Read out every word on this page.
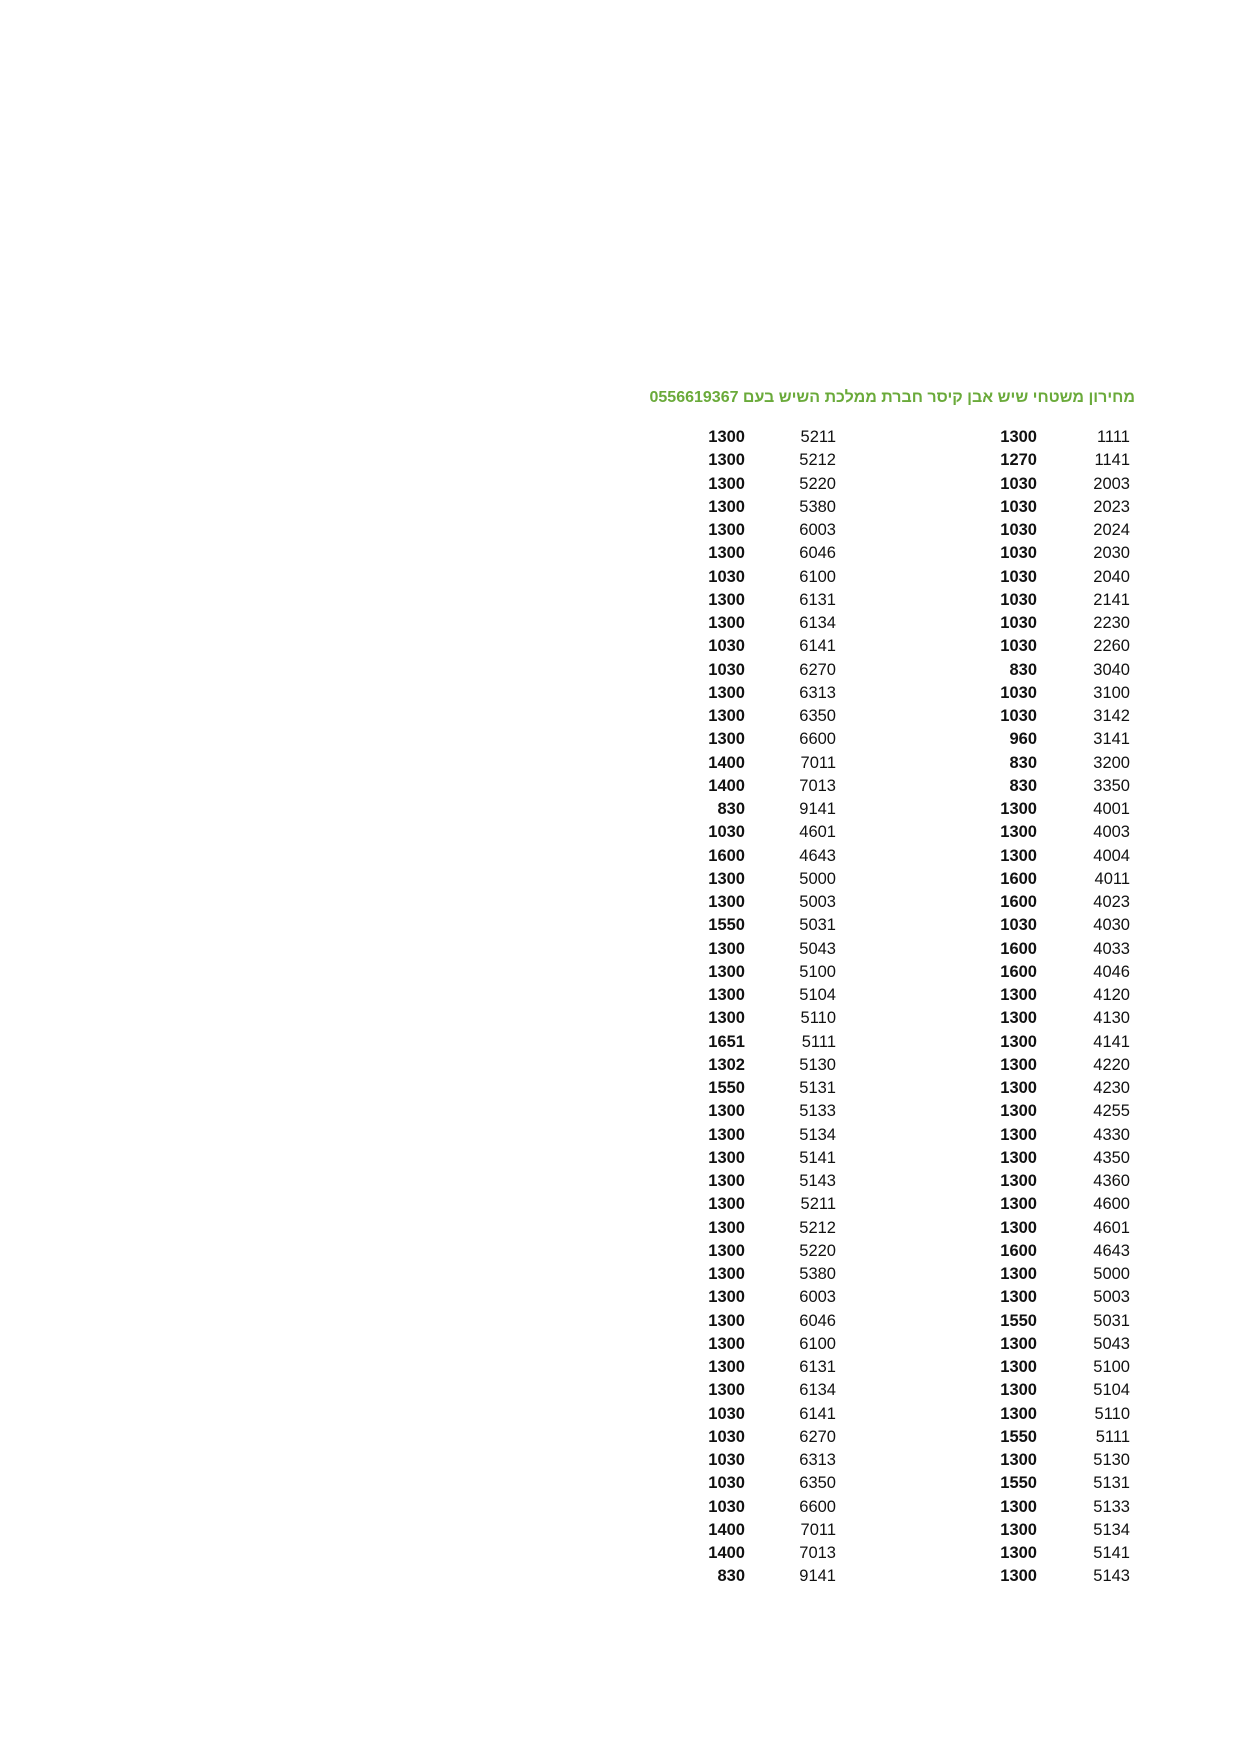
מחירון משטחי שיש אבן קיסר חברת ממלכת השיש בעם 0556619367
1111
1300
5211
1300
1141
1270
5212
1300
2003
1030
5220
1300
2023
1030
5380
1300
2024
1030
6003
1300
2030
1030
6046
1300
2040
1030
6100
1030
2141
1030
6131
1300
2230
1030
6134
1300
2260
1030
6141
1030
3040
830
6270
1030
3100
1030
6313
1300
3142
1030
6350
1300
3141
960
6600
1300
3200
830
7011
1400
3350
830
7013
1400
4001
1300
9141
830
4003
1300
4601
1030
4004
1300
4643
1600
4011
1600
5000
1300
4023
1600
5003
1300
4030
1030
5031
1550
4033
1600
5043
1300
4046
1600
5100
1300
4120
1300
5104
1300
4130
1300
5110
1300
4141
1300
5111
1651
4220
1300
5130
1302
4230
1300
5131
1550
4255
1300
5133
1300
4330
1300
5134
1300
4350
1300
5141
1300
4360
1300
5143
1300
4600
1300
5211
1300
4601
1300
5212
1300
4643
1600
5220
1300
5000
1300
5380
1300
5003
1300
6003
1300
5031
1550
6046
1300
5043
1300
6100
1300
5100
1300
6131
1300
5104
1300
6134
1300
5110
1300
6141
1030
5111
1550
6270
1030
5130
1300
6313
1030
5131
1550
6350
1030
5133
1300
6600
1030
5134
1300
7011
1400
5141
1300
7013
1400
5143
1300
9141
830
